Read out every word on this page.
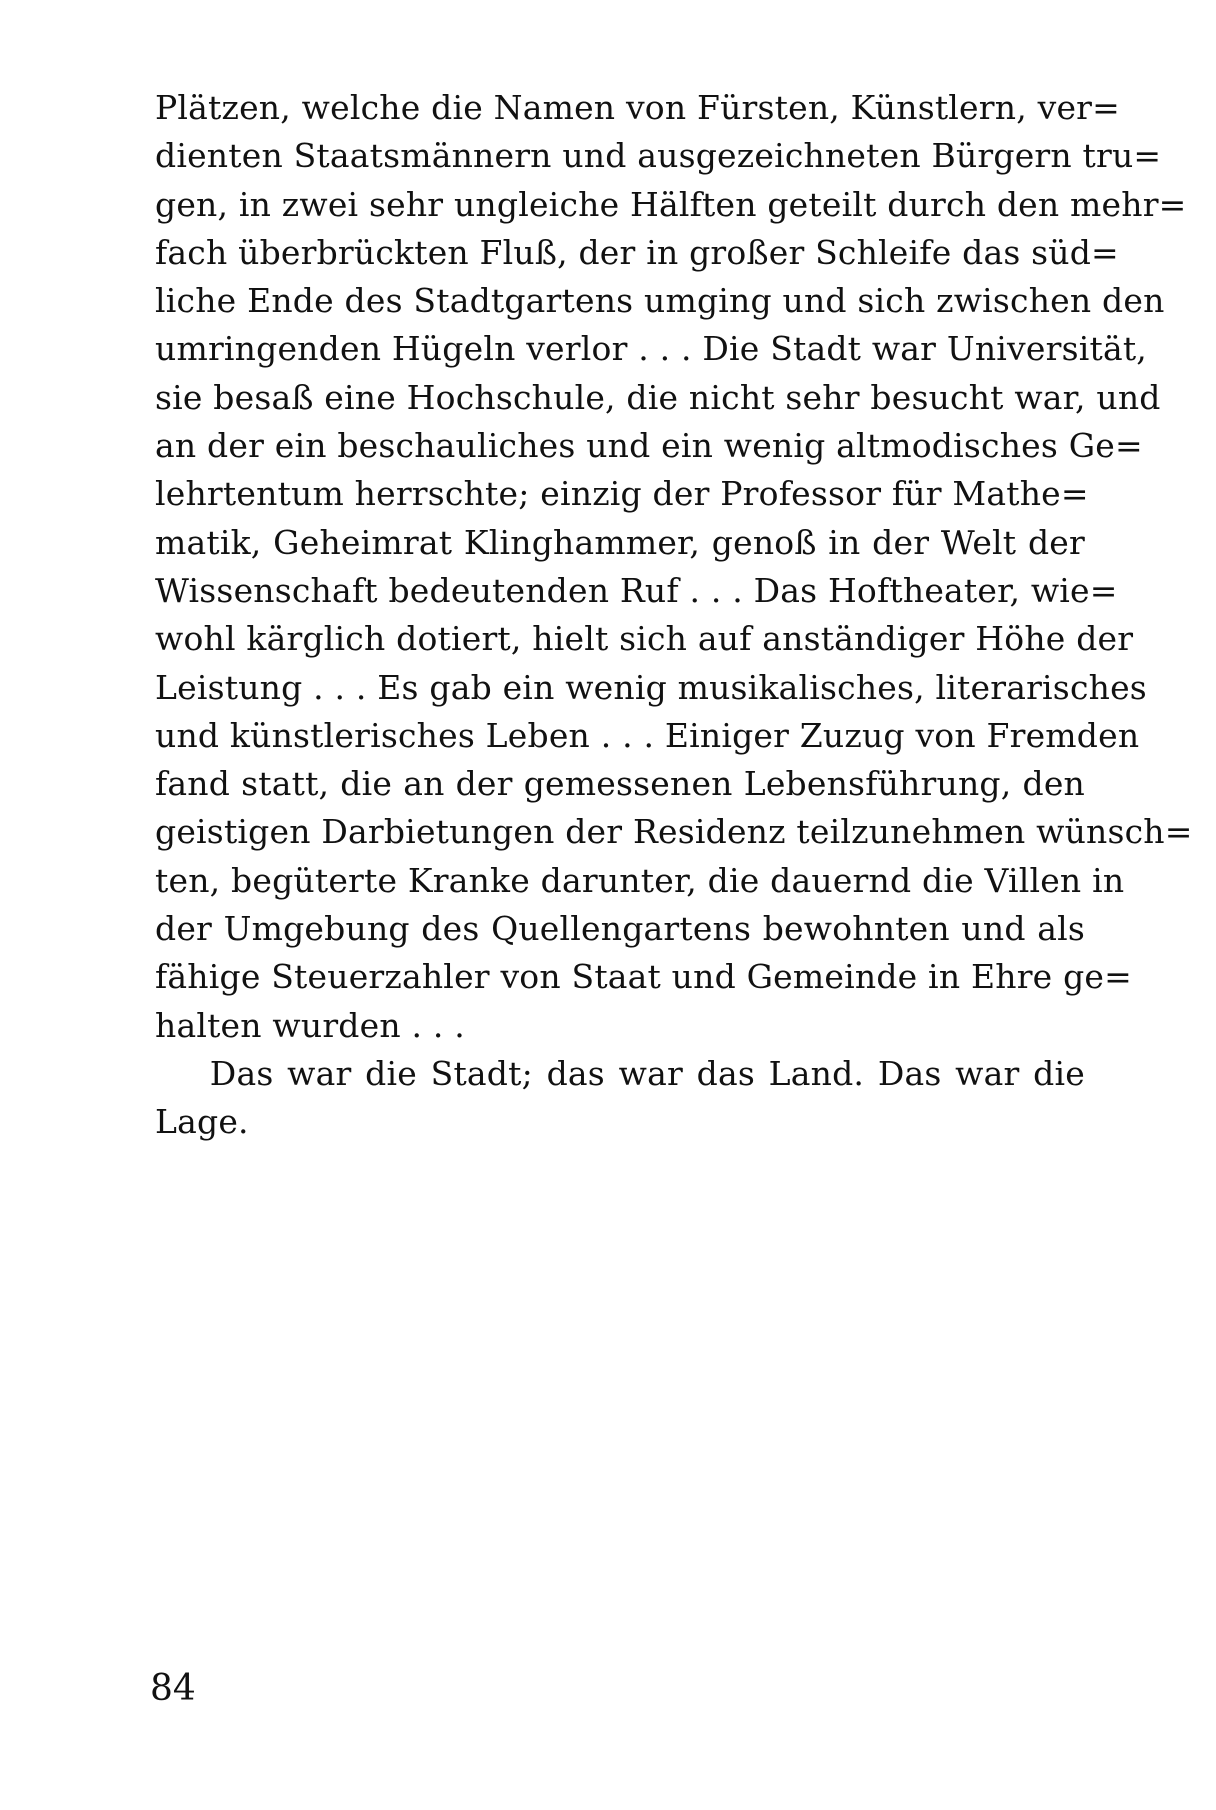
Plätzen, welche die Namen von Fürsten, Künstlern, ver=
dienten Staatsmännern und ausgezeichneten Bürgern tru=
gen, in zwei sehr ungleiche Hälften geteilt durch den mehr=
fach überbrückten Fluß, der in großer Schleife das süd=
liche Ende des Stadtgartens umging und sich zwischen den
umringenden Hügeln verlor . . . Die Stadt war Universität,
sie besaß eine Hochschule, die nicht sehr besucht war, und
an der ein beschauliches und ein wenig altmodisches Ge=
lehrtentum herrschte; einzig der Professor für Mathe=
matik, Geheimrat Klinghammer, genoß in der Welt der
Wissenschaft bedeutenden Ruf . . . Das Hoftheater, wie=
wohl kärglich dotiert, hielt sich auf anständiger Höhe der
Leistung . . . Es gab ein wenig musikalisches, literarisches
und künstlerisches Leben . . . Einiger Zuzug von Fremden
fand statt, die an der gemessenen Lebensführung, den
geistigen Darbietungen der Residenz teilzunehmen wünsch=
ten, begüterte Kranke darunter, die dauernd die Villen in
der Umgebung des Quellengartens bewohnten und als
fähige Steuerzahler von Staat und Gemeinde in Ehre ge=
halten wurden . . .
Das war die Stadt; das war das Land. Das war die
Lage.
84
